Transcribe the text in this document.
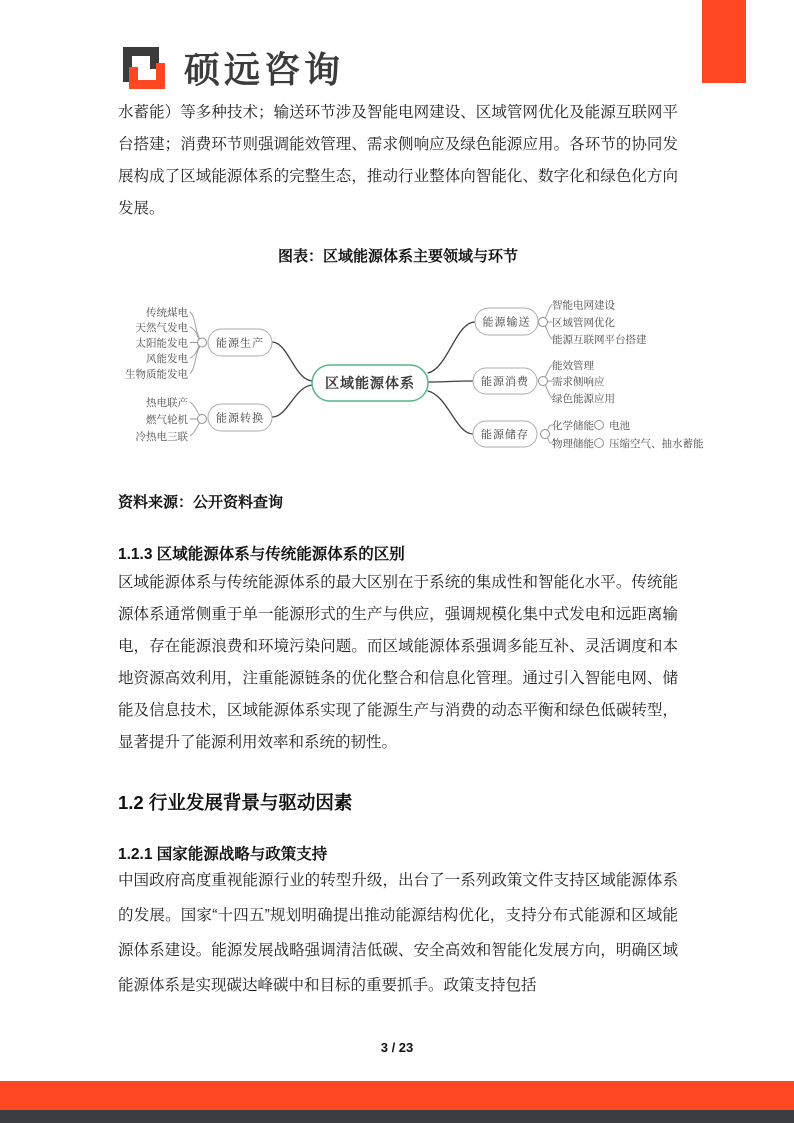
硕远咨询

水蓄能）等多种技术；输送环节涉及智能电网建设、区域管网优化及能源互联网平台搭建；消费环节则强调能效管理、需求侧响应及绿色能源应用。各环节的协同发展构成了区域能源体系的完整生态，推动行业整体向智能化、数字化和绿色化方向发展。

图表：区域能源体系主要领域与环节
区域能源体系
能源生产
能源转换
能源输送
能源消费
能源储存
传统煤电
天然气发电
太阳能发电
风能发电
生物质能发电
热电联产
燃气轮机
冷热电三联
智能电网建设
区域管网优化
能源互联网平台搭建
能效管理
需求侧响应
绿色能源应用
化学储能
物理储能
电池
压缩空气、抽水蓄能
资料来源：公开资料查询
1.1.3 区域能源体系与传统能源体系的区别

区域能源体系与传统能源体系的最大区别在于系统的集成性和智能化水平。传统能源体系通常侧重于单一能源形式的生产与供应，强调规模化集中式发电和远距离输电，存在能源浪费和环境污染问题。而区域能源体系强调多能互补、灵活调度和本地资源高效利用，注重能源链条的优化整合和信息化管理。通过引入智能电网、储能及信息技术，区域能源体系实现了能源生产与消费的动态平衡和绿色低碳转型，显著提升了能源利用效率和系统的韧性。

1.2 行业发展背景与驱动因素
1.2.1 国家能源战略与政策支持

中国政府高度重视能源行业的转型升级，出台了一系列政策文件支持区域能源体系的发展。国家“十四五”规划明确提出推动能源结构优化，支持分布式能源和区域能源体系建设。能源发展战略强调清洁低碳、安全高效和智能化发展方向，明确区域能源体系是实现碳达峰碳中和目标的重要抓手。政策支持包括

3 / 23
